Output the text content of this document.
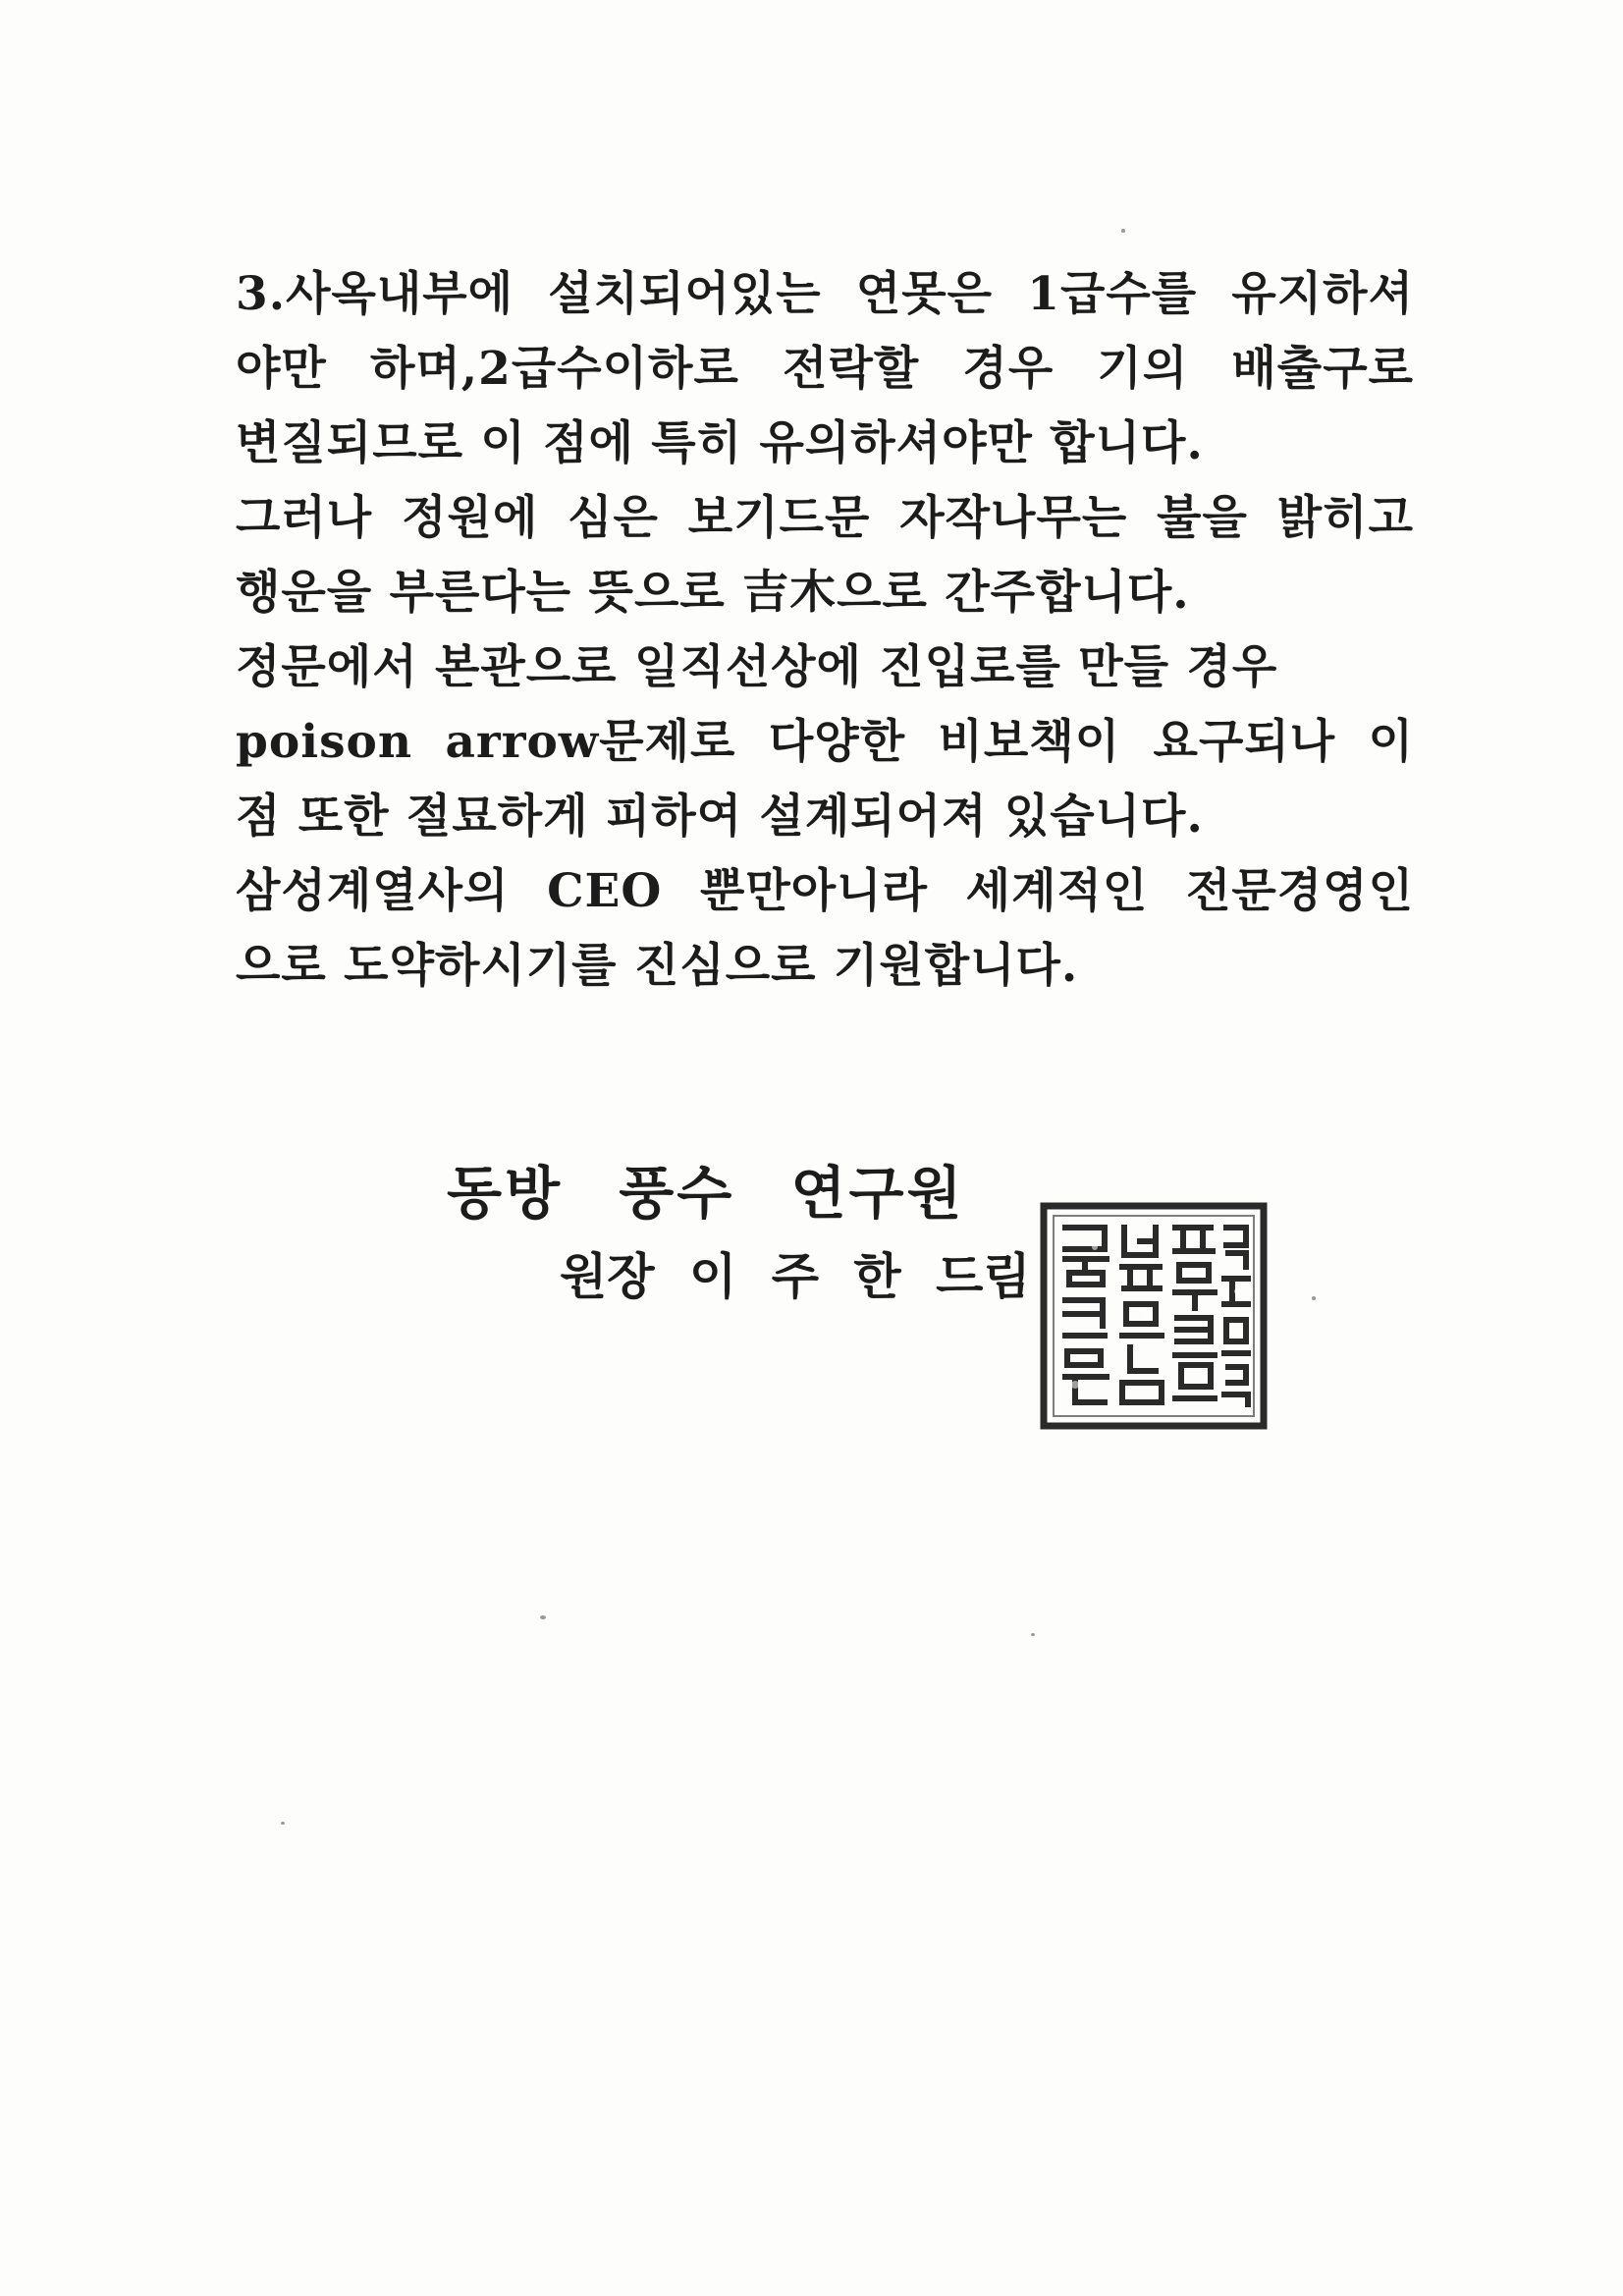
3.사옥내부에 설치되어있는 연못은 1급수를 유지하셔
야만 하며,2급수이하로 전락할 경우 기의 배출구로
변질되므로 이 점에 특히 유의하셔야만 합니다.
그러나 정원에 심은 보기드문 자작나무는 불을 밝히고
행운을 부른다는 뜻으로 吉木으로 간주합니다.
정문에서 본관으로 일직선상에 진입로를 만들 경우
poison arrow문제로 다양한 비보책이 요구되나 이
점 또한 절묘하게 피하여 설계되어져 있습니다.
삼성계열사의 CEO 뿐만아니라 세계적인 전문경영인
으로 도약하시기를 진심으로 기원합니다.
동방 풍수 연구원
원장 이 주 한 드림
